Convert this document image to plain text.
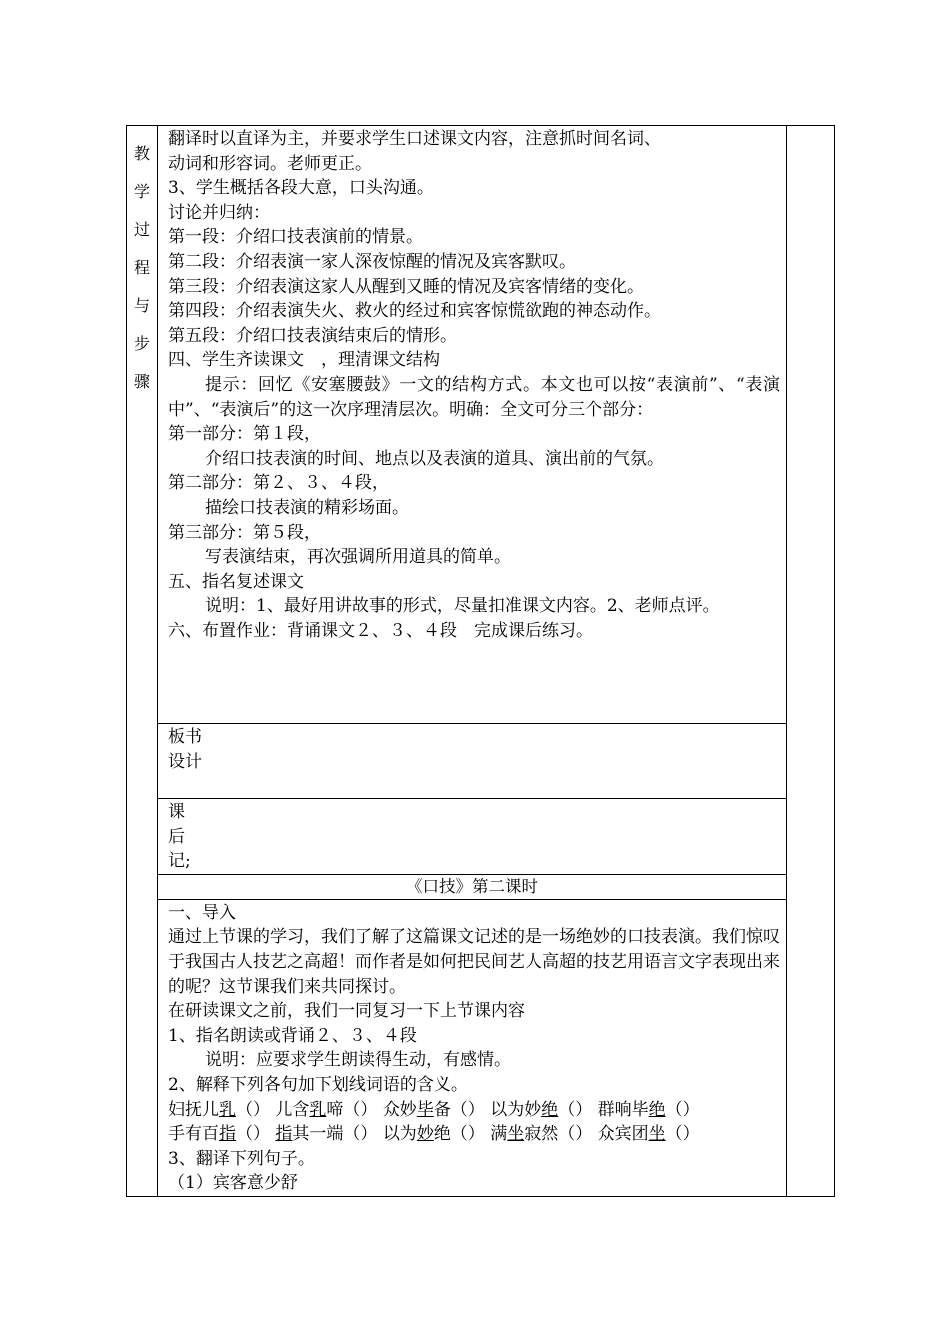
教
学
过
程
与
步
骤

翻译时以直译为主，并要求学生口述课文内容，注意抓时间名词、
动词和形容词。老师更正。
3、学生概括各段大意，口头沟通。
讨论并归纳：
第一段：介绍口技表演前的情景。
第二段：介绍表演一家人深夜惊醒的情况及宾客默叹。
第三段：介绍表演这家人从醒到又睡的情况及宾客情绪的变化。
第四段：介绍表演失火、救火的经过和宾客惊慌欲跑的神态动作。
第五段：介绍口技表演结束后的情形。
四、学生齐读课文　，理清课文结构
提示：回忆《安塞腰鼓》一文的结构方式。本文也可以按“表演前”、“表演中”、“表演后”的这一次序理清层次。明确：全文可分三个部分：
第一部分：第１段，
介绍口技表演的时间、地点以及表演的道具、演出前的气氛。
第二部分：第２、３、４段，
描绘口技表演的精彩场面。
第三部分：第５段，
写表演结束，再次强调所用道具的简单。
五、指名复述课文
说明：1、最好用讲故事的形式，尽量扣准课文内容。2、老师点评。
六、布置作业：背诵课文２、３、４段　完成课后练习。

板书
设计

课
后
记;

《口技》第二课时

一、导入
通过上节课的学习，我们了解了这篇课文记述的是一场绝妙的口技表演。我们惊叹于我国古人技艺之高超！而作者是如何把民间艺人高超的技艺用语言文字表现出来的呢？这节课我们来共同探讨。
在研读课文之前，我们一同复习一下上节课内容
1、指名朗读或背诵２、３、４段
说明：应要求学生朗读得生动，有感情。
2、解释下列各句加下划线词语的含义。
妇抚儿乳（） 儿含乳啼（） 众妙毕备（） 以为妙绝（） 群响毕绝（）
手有百指（） 指其一端（） 以为妙绝（） 满坐寂然（） 众宾团坐（）
3、翻译下列句子。
（1）宾客意少舒
